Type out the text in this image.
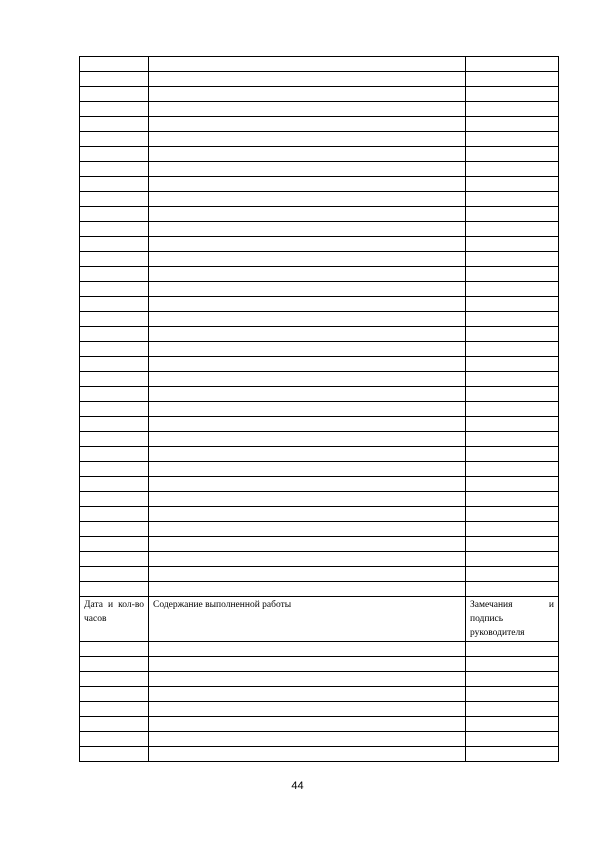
Дата и кол-во часов	Содержание выполненной работы	Замечания и подпись руководителя

44
